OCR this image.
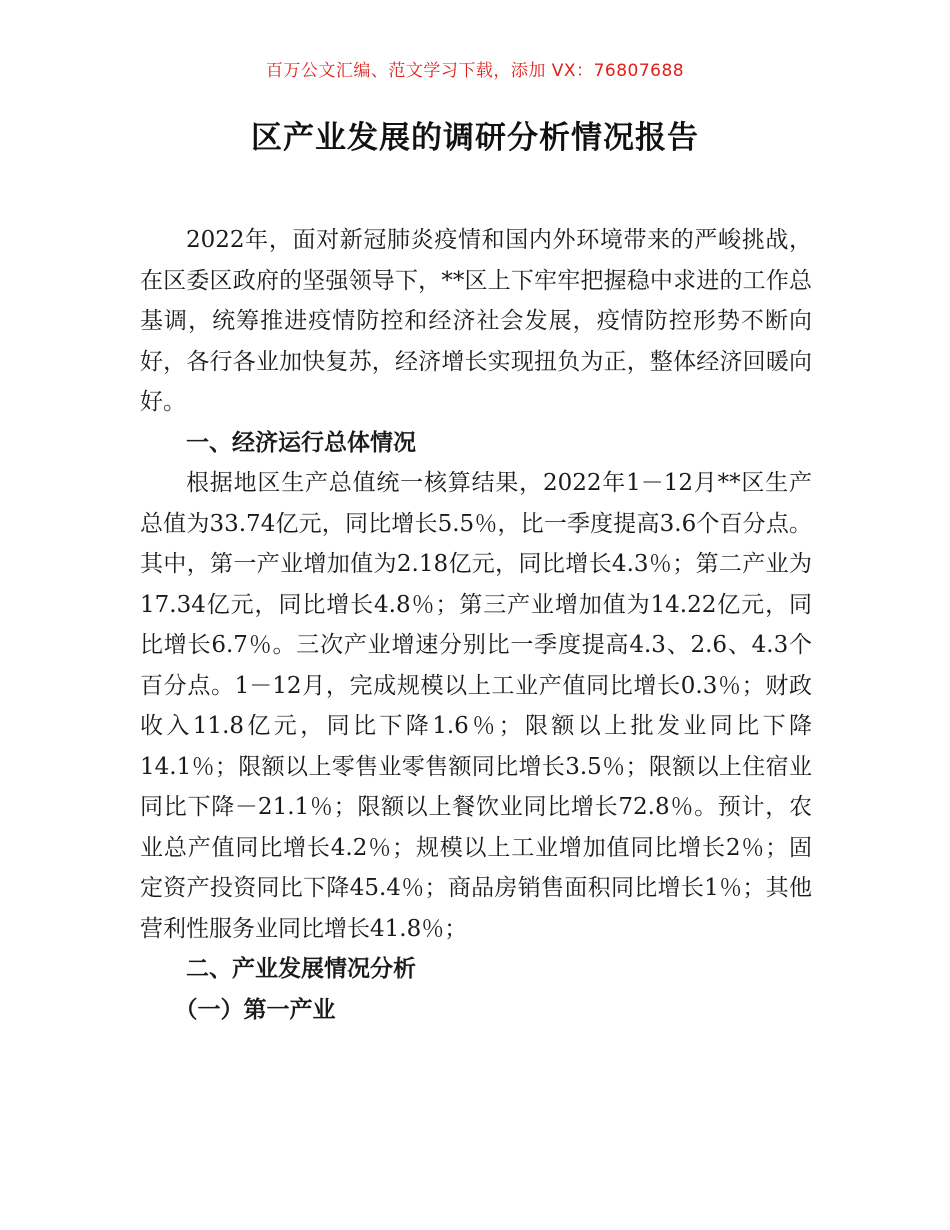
百万公文汇编、范文学习下载，添加 VX：76807688
区产业发展的调研分析情况报告

2022年，面对新冠肺炎疫情和国内外环境带来的严峻挑战，在区委区政府的坚强领导下，**区上下牢牢把握稳中求进的工作总基调，统筹推进疫情防控和经济社会发展，疫情防控形势不断向好，各行各业加快复苏，经济增长实现扭负为正，整体经济回暖向好。

一、经济运行总体情况

根据地区生产总值统一核算结果，2022年1－12月**区生产总值为33.74亿元，同比增长5.5％，比一季度提高3.6个百分点。其中，第一产业增加值为2.18亿元，同比增长4.3％；第二产业为17.34亿元，同比增长4.8％；第三产业增加值为14.22亿元，同比增长6.7％。三次产业增速分别比一季度提高4.3、2.6、4.3个百分点。1－12月，完成规模以上工业产值同比增长0.3％；财政收入11.8亿元，同比下降1.6％；限额以上批发业同比下降14.1％；限额以上零售业零售额同比增长3.5％；限额以上住宿业同比下降－21.1％；限额以上餐饮业同比增长72.8％。预计，农业总产值同比增长4.2％；规模以上工业增加值同比增长2％；固定资产投资同比下降45.4％；商品房销售面积同比增长1％；其他营利性服务业同比增长41.8％；

二、产业发展情况分析
（一）第一产业
